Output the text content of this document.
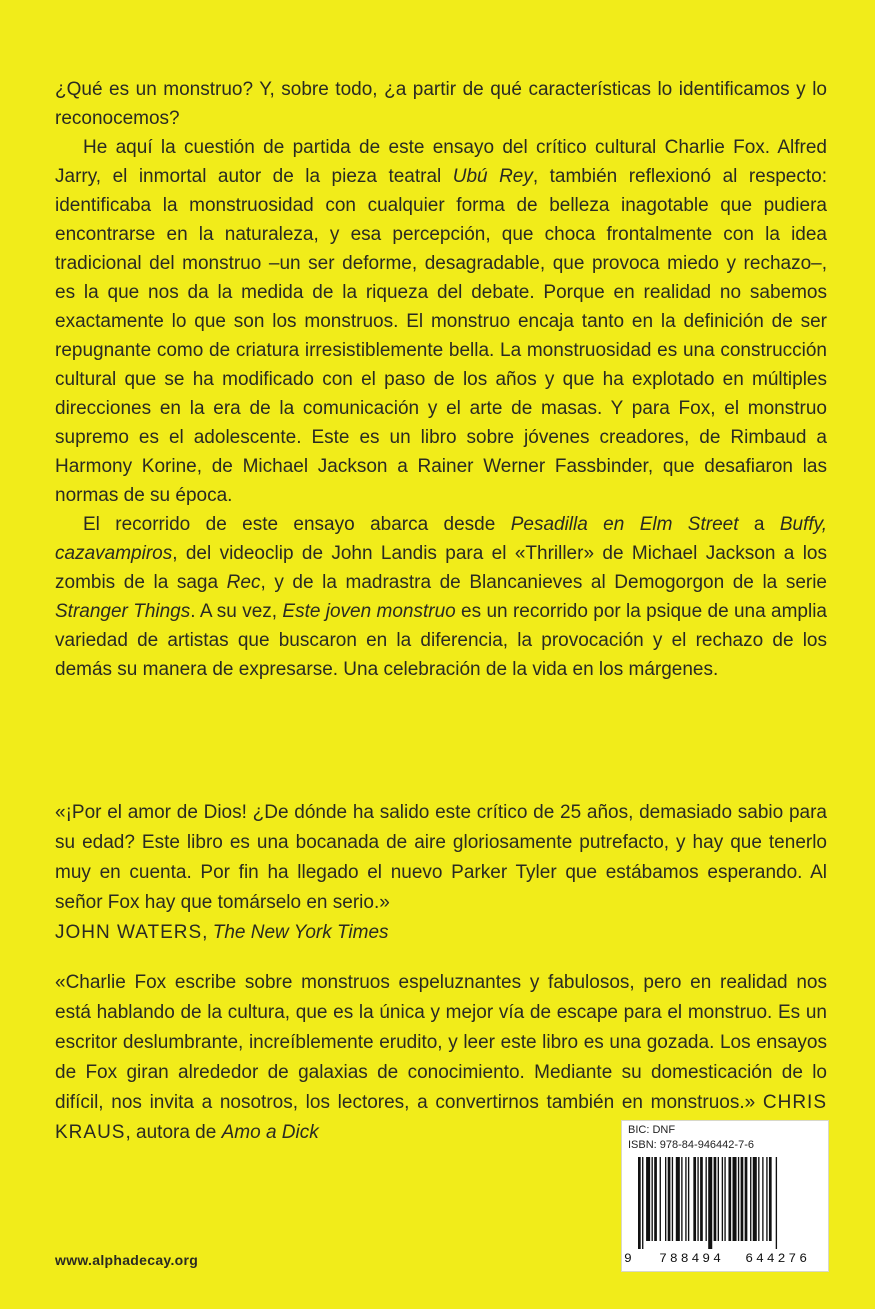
¿Qué es un monstruo? Y, sobre todo, ¿a partir de qué características lo identificamos y lo reconocemos?

He aquí la cuestión de partida de este ensayo del crítico cultural Charlie Fox. Alfred Jarry, el inmortal autor de la pieza teatral Ubú Rey, también reflexionó al respecto: identificaba la monstruosidad con cualquier forma de belleza inagotable que pudiera encontrarse en la naturaleza, y esa percepción, que choca frontalmente con la idea tradicional del monstruo –un ser deforme, desagradable, que provoca miedo y rechazo–, es la que nos da la medida de la riqueza del debate. Porque en realidad no sabemos exactamente lo que son los monstruos. El monstruo encaja tanto en la definición de ser repugnante como de criatura irresistiblemente bella. La monstruosidad es una construcción cultural que se ha modificado con el paso de los años y que ha explotado en múltiples direcciones en la era de la comunicación y el arte de masas. Y para Fox, el monstruo supremo es el adolescente. Este es un libro sobre jóvenes creadores, de Rimbaud a Harmony Korine, de Michael Jackson a Rainer Werner Fassbinder, que desafiaron las normas de su época.

El recorrido de este ensayo abarca desde Pesadilla en Elm Street a Buffy, cazavampiros, del videoclip de John Landis para el «Thriller» de Michael Jackson a los zombis de la saga Rec, y de la madrastra de Blancanieves al Demogorgon de la serie Stranger Things. A su vez, Este joven monstruo es un recorrido por la psique de una amplia variedad de artistas que buscaron en la diferencia, la provocación y el rechazo de los demás su manera de expresarse. Una celebración de la vida en los márgenes.

«¡Por el amor de Dios! ¿De dónde ha salido este crítico de 25 años, demasiado sabio para su edad? Este libro es una bocanada de aire gloriosamente putrefacto, y hay que tenerlo muy en cuenta. Por fin ha llegado el nuevo Parker Tyler que estábamos esperando. Al señor Fox hay que tomárselo en serio.»

JOHN WATERS, The New York Times

«Charlie Fox escribe sobre monstruos espeluznantes y fabulosos, pero en realidad nos está hablando de la cultura, que es la única y mejor vía de escape para el monstruo. Es un escritor deslumbrante, increíblemente erudito, y leer este libro es una gozada. Los ensayos de Fox giran alrededor de galaxias de conocimiento. Mediante su domesticación de lo difícil, nos invita a nosotros, los lectores, a convertirnos también en monstruos.» CHRIS KRAUS, autora de Amo a Dick

www.alphadecay.org
BIC: DNF
ISBN: 978-84-946442-7-6
9 788494 644276
